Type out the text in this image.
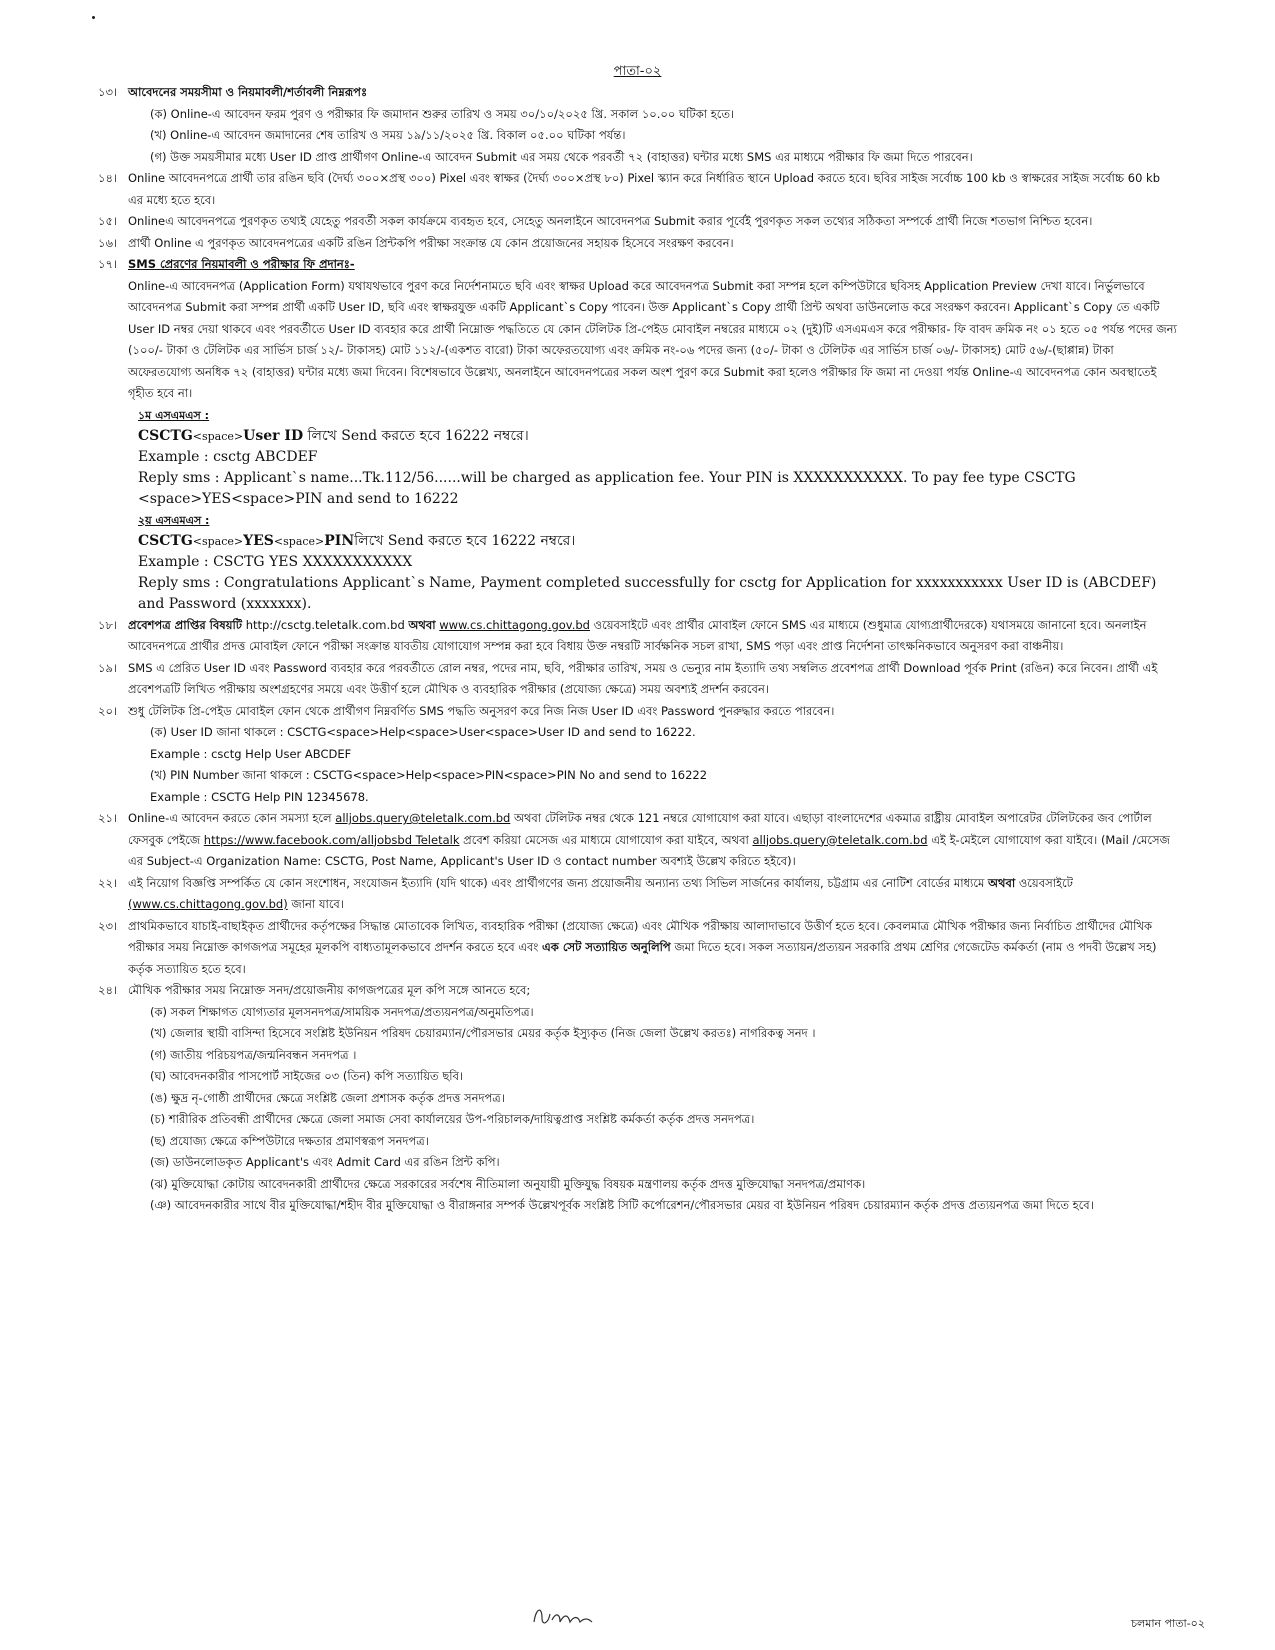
পাতা-০২
১৩। আবেদনের সময়সীমা ও নিয়মাবলী/শর্তাবলী নিম্নরূপঃ
(ক) Online-এ আবেদন ফরম পুরণ ও পরীক্ষার ফি জমাদান শুরুর তারিখ ও সময় ৩০/১০/২০২৫ খ্রি. সকাল ১০.০০ ঘটিকা হতে।
(খ) Online-এ আবেদন জমাদানের শেষ তারিখ ও সময় ১৯/১১/২০২৫ খ্রি. বিকাল ০৫.০০ ঘটিকা পর্যন্ত।
(গ) উক্ত সময়সীমার মধ্যে User ID প্রাপ্ত প্রার্থীগণ Online-এ আবেদন Submit এর সময় থেকে পরবর্তী ৭২ (বাহাত্তর) ঘন্টার মধ্যে SMS এর মাধ্যমে পরীক্ষার ফি জমা দিতে পারবেন।
১৪। Online আবেদনপত্রে প্রার্থী তার রঙিন ছবি (দৈর্ঘ্য ৩০০×প্রস্থ ৩০০) Pixel এবং স্বাক্ষর (দৈর্ঘ্য ৩০০×প্রস্থ ৮০) Pixel স্ক্যান করে নির্ধারিত স্থানে Upload করতে হবে। ছবির সাইজ সর্বোচ্চ 100 kb ও স্বাক্ষরের সাইজ সর্বোচ্চ 60 kb এর মধ্যে হতে হবে।
১৫। Onlineএ আবেদনপত্রে পুরণকৃত তথ্যই যেহেতু পরবর্তী সকল কার্যক্রমে ব্যবহৃত হবে, সেহেতু অনলাইনে আবেদনপত্র Submit করার পূর্বেই পুরণকৃত সকল তথ্যের সঠিকতা সম্পর্কে প্রার্থী নিজে শতভাগ নিশ্চিত হবেন।
১৬। প্রার্থী Online এ পুরণকৃত আবেদনপত্রের একটি রঙিন প্রিন্টকপি পরীক্ষা সংক্রান্ত যে কোন প্রয়োজনের সহায়ক হিসেবে সংরক্ষণ করবেন।
১৭। SMS প্রেরণের নিয়মাবলী ও পরীক্ষার ফি প্রদানঃ-
Online-এ আবেদনপত্র (Application Form) যথাযথভাবে পুরণ করে নির্দেশনামতে ছবি এবং স্বাক্ষর Upload করে আবেদনপত্র Submit করা সম্পন্ন হলে কম্পিউটারে ছবিসহ Application Preview দেখা যাবে। নির্ভুলভাবে আবেদনপত্র Submit করা সম্পন্ন প্রার্থী একটি User ID, ছবি এবং স্বাক্ষরযুক্ত একটি Applicant`s Copy পাবেন। উক্ত Applicant`s Copy প্রার্থী প্রিন্ট অথবা ডাউনলোড করে সংরক্ষণ করবেন। Applicant`s Copy তে একটি User ID নম্বর দেয়া থাকবে এবং পরবর্তীতে User ID ব্যবহার করে প্রার্থী নিম্নোক্ত পদ্ধতিতে যে কোন টেলিটক প্রি-পেইড মোবাইল নম্বরের মাধ্যমে ০২ (দুই)টি এসএমএস করে পরীক্ষার- ফি বাবদ ক্রমিক নং ০১ হতে ০৫ পর্যন্ত পদের জন্য (১০০/- টাকা ও টেলিটক এর সার্ভিস চার্জ ১২/- টাকাসহ) মোট ১১২/-(একশত বারো) টাকা অফেরতযোগ্য এবং ক্রমিক নং-০৬ পদের জন্য (৫০/- টাকা ও টেলিটক এর সার্ভিস চার্জ ০৬/- টাকাসহ) মোট ৫৬/-(ছাপ্পান্ন) টাকা অফেরতযোগ্য অনধিক ৭২ (বাহাত্তর) ঘন্টার মধ্যে জমা দিবেন। বিশেষভাবে উল্লেখ্য, অনলাইনে আবেদনপত্রের সকল অংশ পুরণ করে Submit করা হলেও পরীক্ষার ফি জমা না দেওয়া পর্যন্ত Online-এ আবেদনপত্র কোন অবস্থাতেই গৃহীত হবে না।
১ম এসএমএস :
CSCTG<space>User ID লিখে Send করতে হবে 16222 নম্বরে।
Example : csctg ABCDEF
Reply sms : Applicant`s name...Tk.112/56......will be charged as application fee. Your PIN is XXXXXXXXXXX. To pay fee type CSCTG <space>YES<space>PIN and send to 16222
২য় এসএমএস :
CSCTG<space>YES<space>PINলিখে Send করতে হবে 16222 নম্বরে।
Example : CSCTG YES XXXXXXXXXXX
Reply sms : Congratulations Applicant`s Name, Payment completed successfully for csctg for Application for xxxxxxxxxxx User ID is (ABCDEF) and Password (xxxxxxx).
১৮। প্রবেশপত্র প্রাপ্তির বিষয়টি http://csctg.teletalk.com.bd অথবা www.cs.chittagong.gov.bd ওয়েবসাইটে এবং প্রার্থীর মোবাইল ফোনে SMS এর মাধ্যমে (শুধুমাত্র যোগ্যপ্রার্থীদেরকে) যথাসময়ে জানানো হবে। অনলাইন আবেদনপত্রে প্রার্থীর প্রদত্ত মোবাইল ফোনে পরীক্ষা সংক্রান্ত যাবতীয় যোগাযোগ সম্পন্ন করা হবে বিধায় উক্ত নম্বরটি সার্বক্ষনিক সচল রাখা, SMS পড়া এবং প্রাপ্ত নির্দেশনা তাৎক্ষনিকভাবে অনুসরণ করা বাঞ্চনীয়।
১৯। SMS এ প্রেরিত User ID এবং Password ব্যবহার করে পরবর্তীতে রোল নম্বর, পদের নাম, ছবি, পরীক্ষার তারিখ, সময় ও ভেন্যুর নাম ইত্যাদি তথ্য সম্বলিত প্রবেশপত্র প্রার্থী Download পূর্বক Print (রঙিন) করে নিবেন। প্রার্থী এই প্রবেশপত্রটি লিখিত পরীক্ষায় অংশগ্রহণের সময়ে এবং উত্তীর্ণ হলে মৌখিক ও ব্যবহারিক পরীক্ষার (প্রযোজ্য ক্ষেত্রে) সময় অবশ্যই প্রদর্শন করবেন।
২০। শুধু টেলিটক প্রি-পেইড মোবাইল ফোন থেকে প্রার্থীগণ নিম্নবর্ণিত SMS পদ্ধতি অনুসরণ করে নিজ নিজ User ID এবং Password পুনরুদ্ধার করতে পারবেন।
(ক) User ID জানা থাকলে : CSCTG<space>Help<space>User<space>User ID and send to 16222.
Example : csctg Help User ABCDEF
(খ) PIN Number জানা থাকলে : CSCTG<space>Help<space>PIN<space>PIN No and send to 16222
Example : CSCTG Help PIN 12345678.
২১। Online-এ আবেদন করতে কোন সমস্যা হলে alljobs.query@teletalk.com.bd অথবা টেলিটক নম্বর থেকে 121 নম্বরে যোগাযোগ করা যাবে। এছাড়া বাংলাদেশের একমাত্র রাষ্ট্রীয় মোবাইল অপারেটর টেলিটকের জব পোর্টাল ফেসবুক পেইজে https://www.facebook.com/alljobsbd Teletalk প্রবেশ করিয়া মেসেজ এর মাধ্যমে যোগাযোগ করা যাইবে, অথবা alljobs.query@teletalk.com.bd এই ই-মেইলে যোগাযোগ করা যাইবে। (Mail /মেসেজ এর Subject-এ Organization Name: CSCTG, Post Name, Applicant's User ID ও contact number অবশ্যই উল্লেখ করিতে হইবে)।
২২। এই নিয়োগ বিজ্ঞপ্তি সম্পর্কিত যে কোন সংশোধন, সংযোজন ইত্যাদি (যদি থাকে) এবং প্রার্থীগণের জন্য প্রয়োজনীয় অন্যান্য তথ্য সিভিল সার্জনের কার্যালয়, চট্টগ্রাম এর নোটিশ বোর্ডের মাধ্যমে অথবা ওয়েবসাইটে (www.cs.chittagong.gov.bd) জানা যাবে।
২৩। প্রাথমিকভাবে যাচাই-বাছাইকৃত প্রার্থীদের কর্তৃপক্ষের সিদ্ধান্ত মোতাবেক লিখিত, ব্যবহারিক পরীক্ষা (প্রযোজ্য ক্ষেত্রে) এবং মৌখিক পরীক্ষায় আলাদাভাবে উত্তীর্ণ হতে হবে। কেবলমাত্র মৌখিক পরীক্ষার জন্য নির্বাচিত প্রার্থীদের মৌখিক পরীক্ষার সময় নিম্নোক্ত কাগজপত্র সমূহের মূলকপি বাধ্যতামূলকভাবে প্রদর্শন করতে হবে এবং এক সেট সত্যায়িত অনুলিপি জমা দিতে হবে। সকল সত্যায়ন/প্রত্যয়ন সরকারি প্রথম শ্রেণির গেজেটেড কর্মকর্তা (নাম ও পদবী উল্লেখ সহ) কর্তৃক সত্যায়িত হতে হবে।
২৪। মৌখিক পরীক্ষার সময় নিম্নোক্ত সনদ/প্রয়োজনীয় কাগজপত্রের মূল কপি সঙ্গে আনতে হবে;
(ক) সকল শিক্ষাগত যোগ্যতার মূলসনদপত্র/সাময়িক সনদপত্র/প্রত্যয়নপত্র/অনুমতিপত্র।
(খ) জেলার স্থায়ী বাসিন্দা হিসেবে সংশ্লিষ্ট ইউনিয়ন পরিষদ চেয়ারম্যান/পৌরসভার মেয়র কর্তৃক ইস্যুকৃত (নিজ জেলা উল্লেখ করতঃ) নাগরিকত্ব সনদ ।
(গ) জাতীয় পরিচয়পত্র/জন্মনিবন্ধন সনদপত্র ।
(ঘ) আবেদনকারীর পাসপোর্ট সাইজের ০৩ (তিন) কপি সত্যায়িত ছবি।
(ঙ) ক্ষুদ্র নৃ-গোষ্ঠী প্রার্থীদের ক্ষেত্রে সংশ্লিষ্ট জেলা প্রশাসক কর্তৃক প্রদত্ত সনদপত্র।
(চ) শারীরিক প্রতিবন্ধী প্রার্থীদের ক্ষেত্রে জেলা সমাজ সেবা কার্যালয়ের উপ-পরিচালক/দায়িত্বপ্রাপ্ত সংশ্লিষ্ট কর্মকর্তা কর্তৃক প্রদত্ত সনদপত্র।
(ছ) প্রযোজ্য ক্ষেত্রে কম্পিউটারে দক্ষতার প্রমাণস্বরূপ সনদপত্র।
(জ) ডাউনলোডকৃত Applicant's এবং Admit Card এর রঙিন প্রিন্ট কপি।
(ঝ) মুক্তিযোদ্ধা কোটায় আবেদনকারী প্রার্থীদের ক্ষেত্রে সরকারের সর্বশেষ নীতিমালা অনুযায়ী মুক্তিযুদ্ধ বিষয়ক মন্ত্রণালয় কর্তৃক প্রদত্ত মুক্তিযোদ্ধা সনদপত্র/প্রমাণক।
(ঞ) আবেদনকারীর সাথে বীর মুক্তিযোদ্ধা/শহীদ বীর মুক্তিযোদ্ধা ও বীরাঙ্গনার সম্পর্ক উল্লেখপূর্বক সংশ্লিষ্ট সিটি কর্পোরেশন/পৌরসভার মেয়র বা ইউনিয়ন পরিষদ চেয়ারম্যান কর্তৃক প্রদত্ত প্রত্যয়নপত্র জমা দিতে হবে।
চলমান পাতা-০২
